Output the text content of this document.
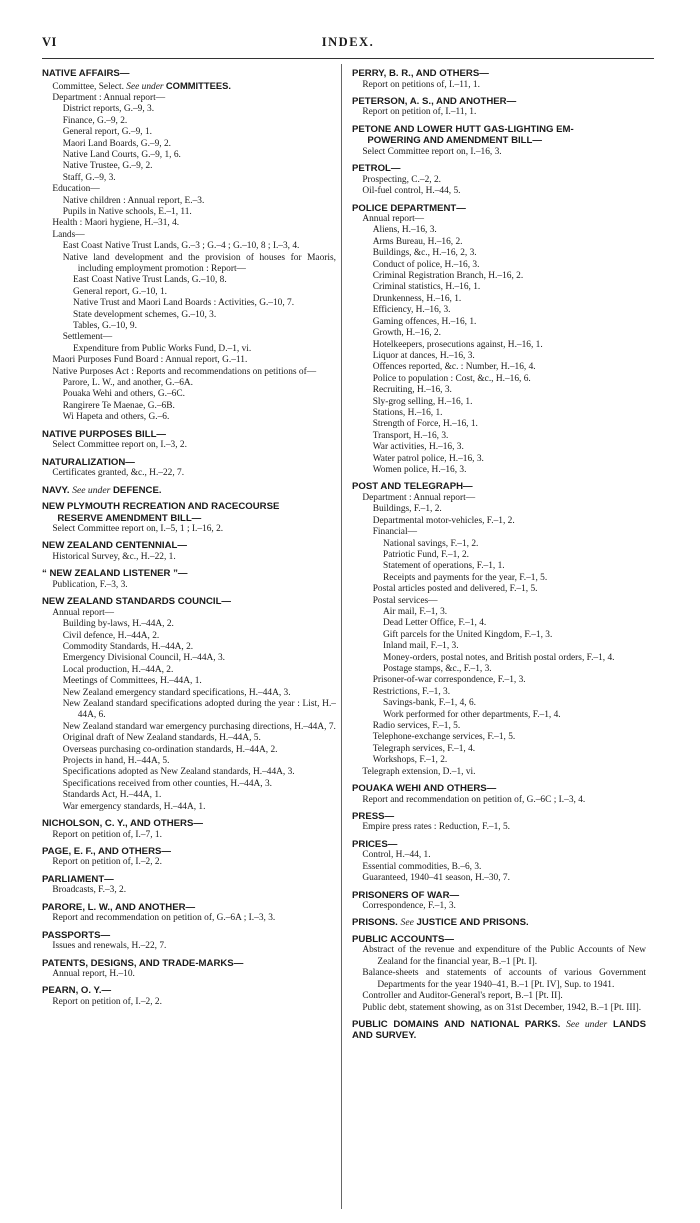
VI	INDEX.
NATIVE AFFAIRS—
Committee, Select. See under COMMITTEES.
Department : Annual report—
District reports, G.–9, 3.
Finance, G.–9, 2.
General report, G.–9, 1.
Maori Land Boards, G.–9, 2.
Native Land Courts, G.–9, 1, 6.
Native Trustee, G.–9, 2.
Staff, G.–9, 3.
Education—
Native children : Annual report, E.–3.
Pupils in Native schools, E.–1, 11.
Health : Maori hygiene, H.–31, 4.
Lands—
East Coast Native Trust Lands, G.–3 ; G.–4 ; G.–10, 8 ; I.–3, 4.
Native land development and the provision of houses for Maoris, including employment promotion : Report—
East Coast Native Trust Lands, G.–10, 8.
General report, G.–10, 1.
Native Trust and Maori Land Boards : Activities, G.–10, 7.
State development schemes, G.–10, 3.
Tables, G.–10, 9.
Settlement—
Expenditure from Public Works Fund, D.–1, vi.
Maori Purposes Fund Board : Annual report, G.–11.
Native Purposes Act : Reports and recommendations on petitions of—
Parore, L. W., and another, G.–6A.
Pouaka Wehi and others, G.–6C.
Rangirere Te Maenae, G.–6B.
Wi Hapeta and others, G.–6.
NATIVE PURPOSES BILL—
Select Committee report on, I.–3, 2.
NATURALIZATION—
Certificates granted, &c., H.–22, 7.
NAVY. See under DEFENCE.
NEW PLYMOUTH RECREATION AND RACECOURSE
RESERVE AMENDMENT BILL—
Select Committee report on, I.–5, 1 ; I.–16, 2.
NEW ZEALAND CENTENNIAL—
Historical Survey, &c., H.–22, 1.
“ NEW ZEALAND LISTENER ”—
Publication, F.–3, 3.
NEW ZEALAND STANDARDS COUNCIL—
Annual report—
Building by-laws, H.–44A, 2.
Civil defence, H.–44A, 2.
Commodity Standards, H.–44A, 2.
Emergency Divisional Council, H.–44A, 3.
Local production, H.–44A, 2.
Meetings of Committees, H.–44A, 1.
New Zealand emergency standard specifications, H.–44A, 3.
New Zealand standard specifications adopted during the year : List, H.–44A, 6.
New Zealand standard war emergency purchasing directions, H.–44A, 7.
Original draft of New Zealand standards, H.–44A, 5.
Overseas purchasing co-ordination standards, H.–44A, 2.
Projects in hand, H.–44A, 5.
Specifications adopted as New Zealand standards, H.–44A, 3.
Specifications received from other counties, H.–44A, 3.
Standards Act, H.–44A, 1.
War emergency standards, H.–44A, 1.
NICHOLSON, C. Y., AND OTHERS—
Report on petition of, I.–7, 1.
PAGE, E. F., AND OTHERS—
Report on petition of, I.–2, 2.
PARLIAMENT—
Broadcasts, F.–3, 2.
PARORE, L. W., AND ANOTHER—
Report and recommendation on petition of, G.–6A ; I.–3, 3.
PASSPORTS—
Issues and renewals, H.–22, 7.
PATENTS, DESIGNS, AND TRADE-MARKS—
Annual report, H.–10.
PEARN, O. Y.—
Report on petition of, I.–2, 2.
PERRY, B. R., AND OTHERS—
Report on petitions of, I.–11, 1.
PETERSON, A. S., AND ANOTHER—
Report on petition of, I.–11, 1.
PETONE AND LOWER HUTT GAS-LIGHTING EM-
POWERING AND AMENDMENT BILL—
Select Committee report on, I.–16, 3.
PETROL—
Prospecting, C.–2, 2.
Oil-fuel control, H.–44, 5.
POLICE DEPARTMENT—
Annual report—
Aliens, H.–16, 3.
Arms Bureau, H.–16, 2.
Buildings, &c., H.–16, 2, 3.
Conduct of police, H.–16, 3.
Criminal Registration Branch, H.–16, 2.
Criminal statistics, H.–16, 1.
Drunkenness, H.–16, 1.
Efficiency, H.–16, 3.
Gaming offences, H.–16, 1.
Growth, H.–16, 2.
Hotelkeepers, prosecutions against, H.–16, 1.
Liquor at dances, H.–16, 3.
Offences reported, &c. : Number, H.–16, 4.
Police to population : Cost, &c., H.–16, 6.
Recruiting, H.–16, 3.
Sly-grog selling, H.–16, 1.
Stations, H.–16, 1.
Strength of Force, H.–16, 1.
Transport, H.–16, 3.
War activities, H.–16, 3.
Water patrol police, H.–16, 3.
Women police, H.–16, 3.
POST AND TELEGRAPH—
Department : Annual report—
Buildings, F.–1, 2.
Departmental motor-vehicles, F.–1, 2.
Financial—
National savings, F.–1, 2.
Patriotic Fund, F.–1, 2.
Statement of operations, F.–1, 1.
Receipts and payments for the year, F.–1, 5.
Postal articles posted and delivered, F.–1, 5.
Postal services—
Air mail, F.–1, 3.
Dead Letter Office, F.–1, 4.
Gift parcels for the United Kingdom, F.–1, 3.
Inland mail, F.–1, 3.
Money-orders, postal notes, and British postal orders, F.–1, 4.
Postage stamps, &c., F.–1, 3.
Prisoner-of-war correspondence, F.–1, 3.
Restrictions, F.–1, 3.
Savings-bank, F.–1, 4, 6.
Work performed for other departments, F.–1, 4.
Radio services, F.–1, 5.
Telephone-exchange services, F.–1, 5.
Telegraph services, F.–1, 4.
Workshops, F.–1, 2.
Telegraph extension, D.–1, vi.
POUAKA WEHI AND OTHERS—
Report and recommendation on petition of, G.–6C ; I.–3, 4.
PRESS—
Empire press rates : Reduction, F.–1, 5.
PRICES—
Control, H.–44, 1.
Essential commodities, B.–6, 3.
Guaranteed, 1940–41 season, H.–30, 7.
PRISONERS OF WAR—
Correspondence, F.–1, 3.
PRISONS. See JUSTICE AND PRISONS.
PUBLIC ACCOUNTS—
Abstract of the revenue and expenditure of the Public Accounts of New Zealand for the financial year, B.–1 [Pt. I].
Balance-sheets and statements of accounts of various Government Departments for the year 1940–41, B.–1 [Pt. IV], Sup. to 1941.
Controller and Auditor-General's report, B.–1 [Pt. II].
Public debt, statement showing, as on 31st December, 1942, B.–1 [Pt. III].
PUBLIC DOMAINS AND NATIONAL PARKS. See under LANDS AND SURVEY.
